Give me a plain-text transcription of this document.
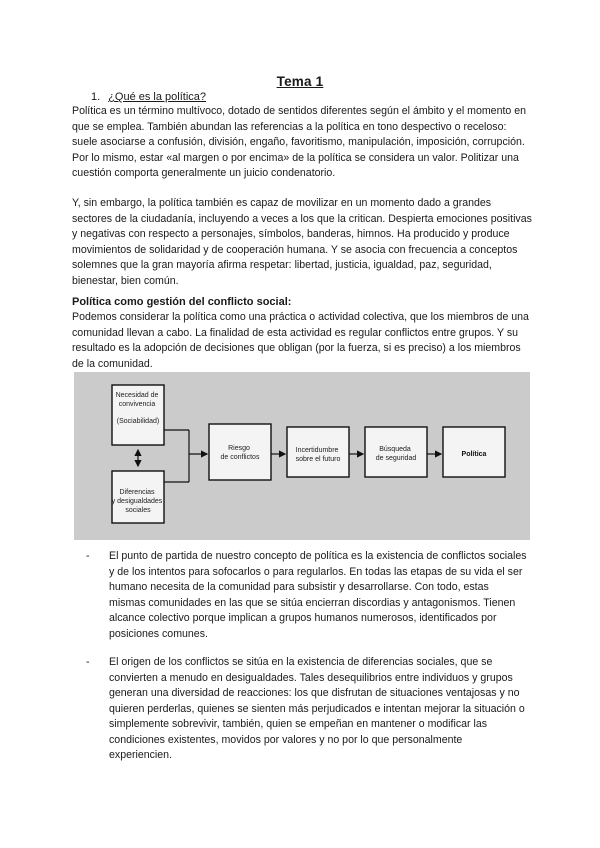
Tema 1
1. ¿Qué es la política?

Política es un término multívoco, dotado de sentidos diferentes según el ámbito y el momento en que se emplea. También abundan las referencias a la política en tono despectivo o receloso: suele asociarse a confusión, división, engaño, favoritismo, manipulación, imposición, corrupción. Por lo mismo, estar «al margen o por encima» de la política se considera un valor. Politizar una cuestión comporta generalmente un juicio condenatorio.

Y, sin embargo, la política también es capaz de movilizar en un momento dado a grandes sectores de la ciudadanía, incluyendo a veces a los que la critican. Despierta emociones positivas y negativas con respecto a personajes, símbolos, banderas, himnos. Ha producido y produce movimientos de solidaridad y de cooperación humana. Y se asocia con frecuencia a conceptos solemnes que la gran mayoría afirma respetar: libertad, justicia, igualdad, paz, seguridad, bienestar, bien común.

Política como gestión del conflicto social:

Podemos considerar la política como una práctica o actividad colectiva, que los miembros de una comunidad llevan a cabo. La finalidad de esta actividad es regular conflictos entre grupos. Y su resultado es la adopción de decisiones que obligan (por la fuerza, si es preciso) a los miembros de la comunidad.

Necesidad de convivencia (Sociabilidad)
Diferencias y desigualdades sociales
Riesgo de conflictos
Incertidumbre sobre el futuro
Búsqueda de seguridad
Política
- El punto de partida de nuestro concepto de política es la existencia de conflictos sociales y de los intentos para sofocarlos o para regularlos. En todas las etapas de su vida el ser humano necesita de la comunidad para subsistir y desarrollarse. Con todo, estas mismas comunidades en las que se sitúa encierran discordias y antagonismos. Tienen alcance colectivo porque implican a grupos humanos numerosos, identificados por posiciones comunes.

- El origen de los conflictos se sitúa en la existencia de diferencias sociales, que se convierten a menudo en desigualdades. Tales desequilibrios entre individuos y grupos generan una diversidad de reacciones: los que disfrutan de situaciones ventajosas y no quieren perderlas, quienes se sienten más perjudicados e intentan mejorar la situación o simplemente sobrevivir, también, quien se empeñan en mantener o modificar las condiciones existentes, movidos por valores y no por lo que personalmente experiencien.
